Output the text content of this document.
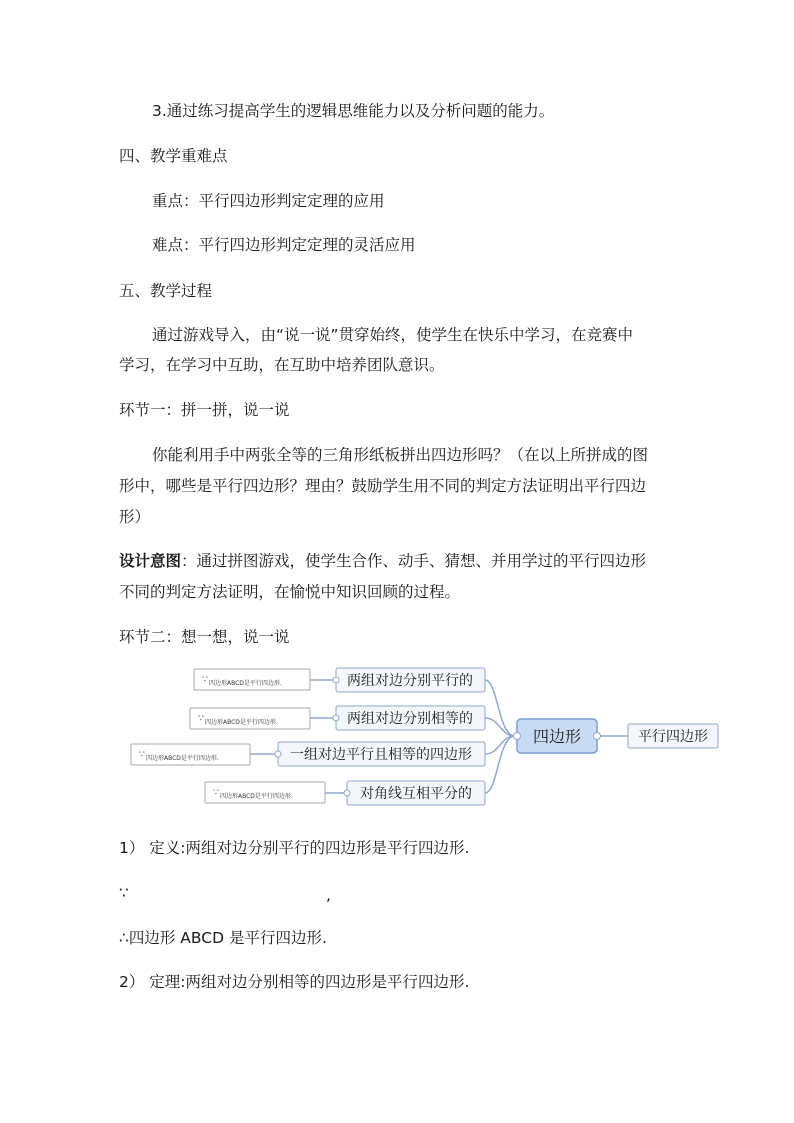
3.通过练习提高学生的逻辑思维能力以及分析问题的能力。
四、教学重难点
重点：平行四边形判定定理的应用
难点：平行四边形判定定理的灵活应用
五、教学过程
通过游戏导入，由“说一说”贯穿始终，使学生在快乐中学习，在竞赛中
学习，在学习中互助，在互助中培养团队意识。
环节一：拼一拼，说一说
你能利用手中两张全等的三角形纸板拼出四边形吗？（在以上所拼成的图
形中，哪些是平行四边形？理由？鼓励学生用不同的判定方法证明出平行四边
形）
设计意图：通过拼图游戏，使学生合作、动手、猜想、并用学过的平行四边形
不同的判定方法证明，在愉悦中知识回顾的过程。
环节二：想一想，说一说
四边形	平行四边形
两组对边分别平行的
两组对边分别相等的
一组对边平行且相等的四边形
对角线互相平分的
∵ 四边形ABCD是平行四边形.
∵ 四边形ABCD是平行四边形.
∵ 四边形ABCD是平行四边形.
∵ 四边形ABCD是平行四边形.
1） 定义:两组对边分别平行的四边形是平行四边形.
∵	,
∴四边形 ABCD 是平行四边形.
2） 定理:两组对边分别相等的四边形是平行四边形.
